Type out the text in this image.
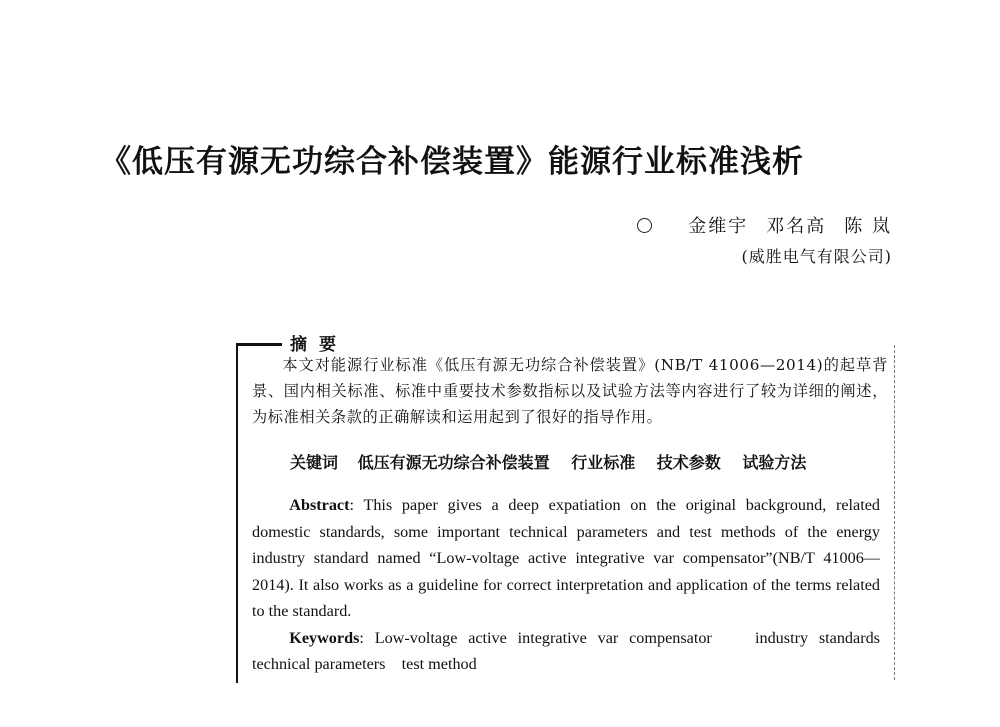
《低压有源无功综合补偿装置》能源行业标准浅析
金维宇 邓名高 陈 岚
(威胜电气有限公司)
摘要

本文对能源行业标准《低压有源无功综合补偿装置》(NB/T 41006—2014)的起草背景、国内相关标准、标准中重要技术参数指标以及试验方法等内容进行了较为详细的阐述，为标准相关条款的正确解读和运用起到了很好的指导作用。

关键词 低压有源无功综合补偿装置 行业标准 技术参数 试验方法

Abstract: This paper gives a deep expatiation on the original background, related domestic standards, some important technical parameters and test methods of the energy industry standard named “Low-voltage active integrative var compensator”(NB/T 41006—2014). It also works as a guideline for correct interpretation and application of the terms related to the standard.

Keywords: Low-voltage active integrative var compensator    industry standards    technical parameters    test method
